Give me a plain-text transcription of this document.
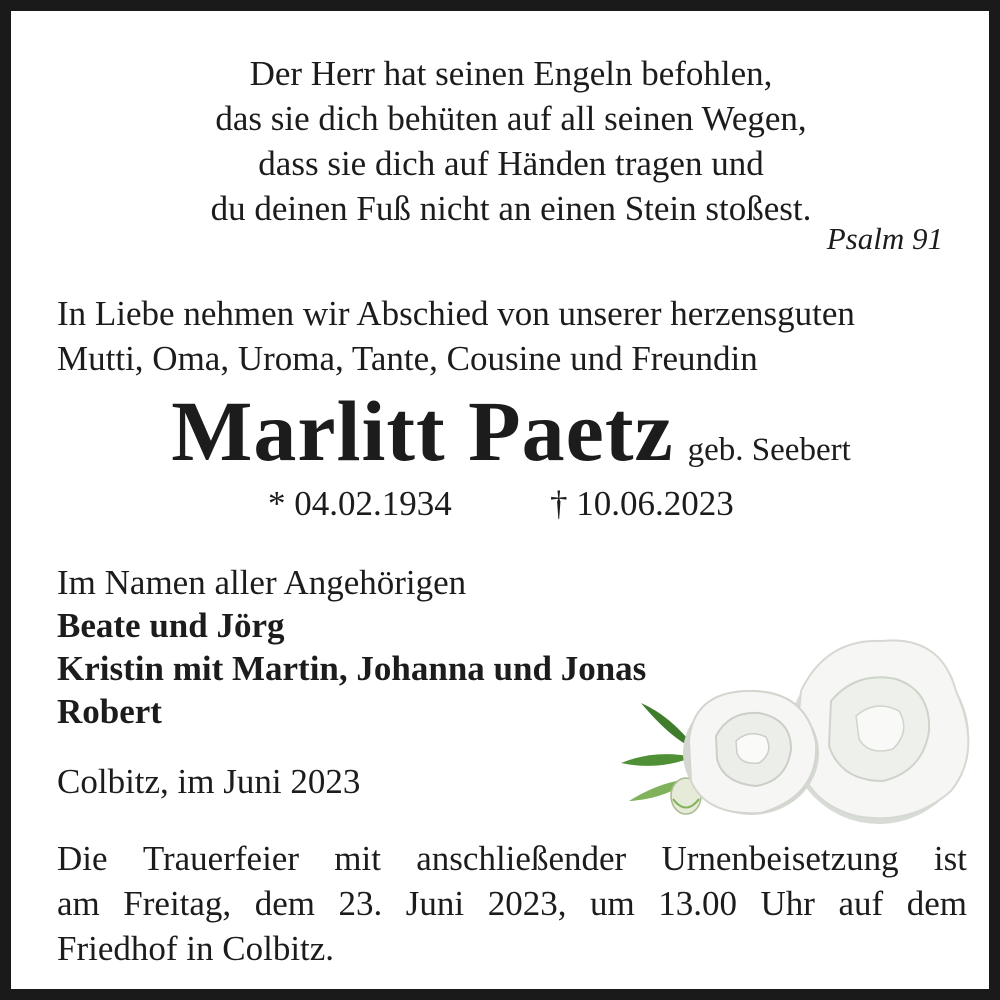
Der Herr hat seinen Engeln befohlen,
das sie dich behüten auf all seinen Wegen,
dass sie dich auf Händen tragen und
du deinen Fuß nicht an einen Stein stoßest.
Psalm 91
In Liebe nehmen wir Abschied von unserer herzensguten
Mutti, Oma, Uroma, Tante, Cousine und Freundin
Marlitt Paetz geb. Seebert
* 04.02.1934	† 10.06.2023
Im Namen aller Angehörigen
Beate und Jörg
Kristin mit Martin, Johanna und Jonas
Robert
Colbitz, im Juni 2023
Die Trauerfeier mit anschließender Urnenbeisetzung ist
am Freitag, dem 23. Juni 2023, um 13.00 Uhr auf dem
Friedhof in Colbitz.
